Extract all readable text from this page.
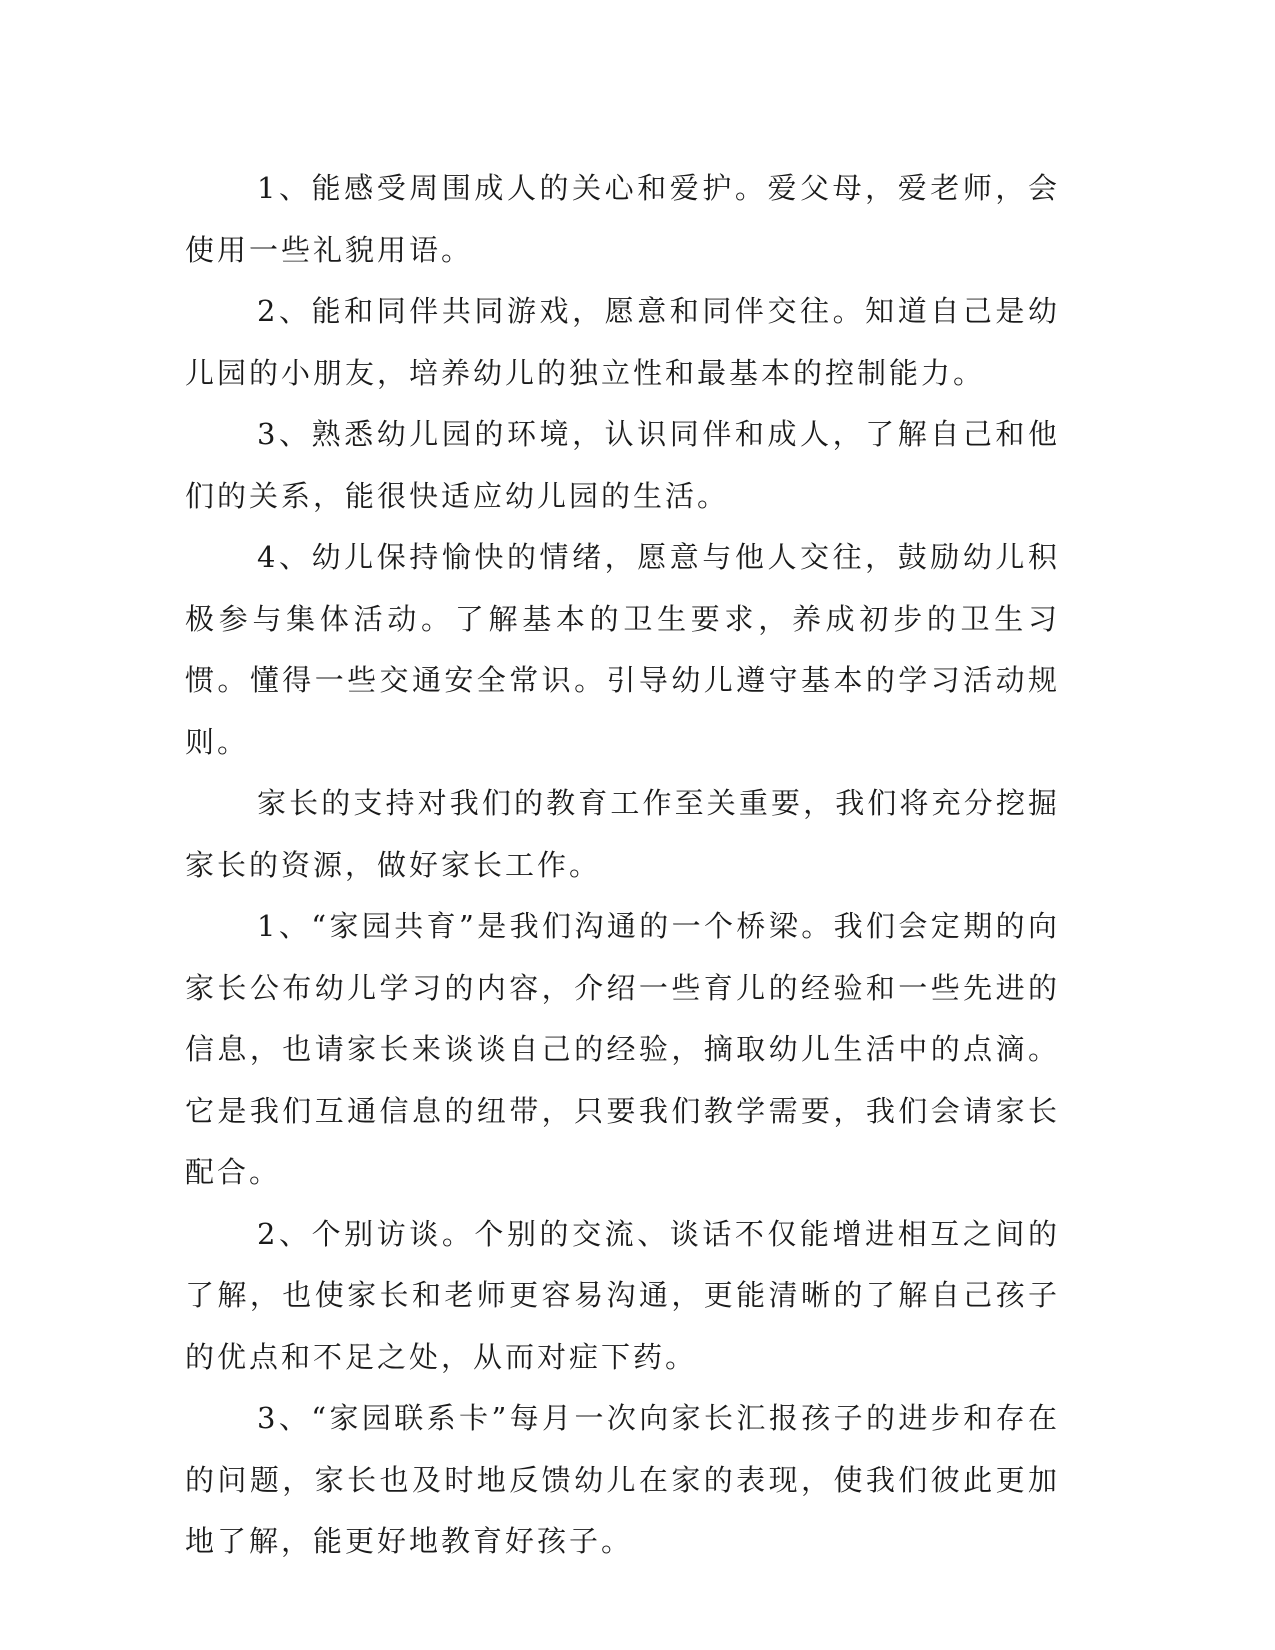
1、能感受周围成人的关心和爱护。爱父母，爱老师，会使用一些礼貌用语。

2、能和同伴共同游戏，愿意和同伴交往。知道自己是幼儿园的小朋友，培养幼儿的独立性和最基本的控制能力。

3、熟悉幼儿园的环境，认识同伴和成人，了解自己和他们的关系，能很快适应幼儿园的生活。

4、幼儿保持愉快的情绪，愿意与他人交往，鼓励幼儿积极参与集体活动。了解基本的卫生要求，养成初步的卫生习惯。懂得一些交通安全常识。引导幼儿遵守基本的学习活动规则。

家长的支持对我们的教育工作至关重要，我们将充分挖掘家长的资源，做好家长工作。

1、“家园共育”是我们沟通的一个桥梁。我们会定期的向家长公布幼儿学习的内容，介绍一些育儿的经验和一些先进的信息，也请家长来谈谈自己的经验，摘取幼儿生活中的点滴。它是我们互通信息的纽带，只要我们教学需要，我们会请家长配合。

2、个别访谈。个别的交流、谈话不仅能增进相互之间的了解，也使家长和老师更容易沟通，更能清晰的了解自己孩子的优点和不足之处，从而对症下药。

3、“家园联系卡”每月一次向家长汇报孩子的进步和存在的问题，家长也及时地反馈幼儿在家的表现，使我们彼此更加地了解，能更好地教育好孩子。
